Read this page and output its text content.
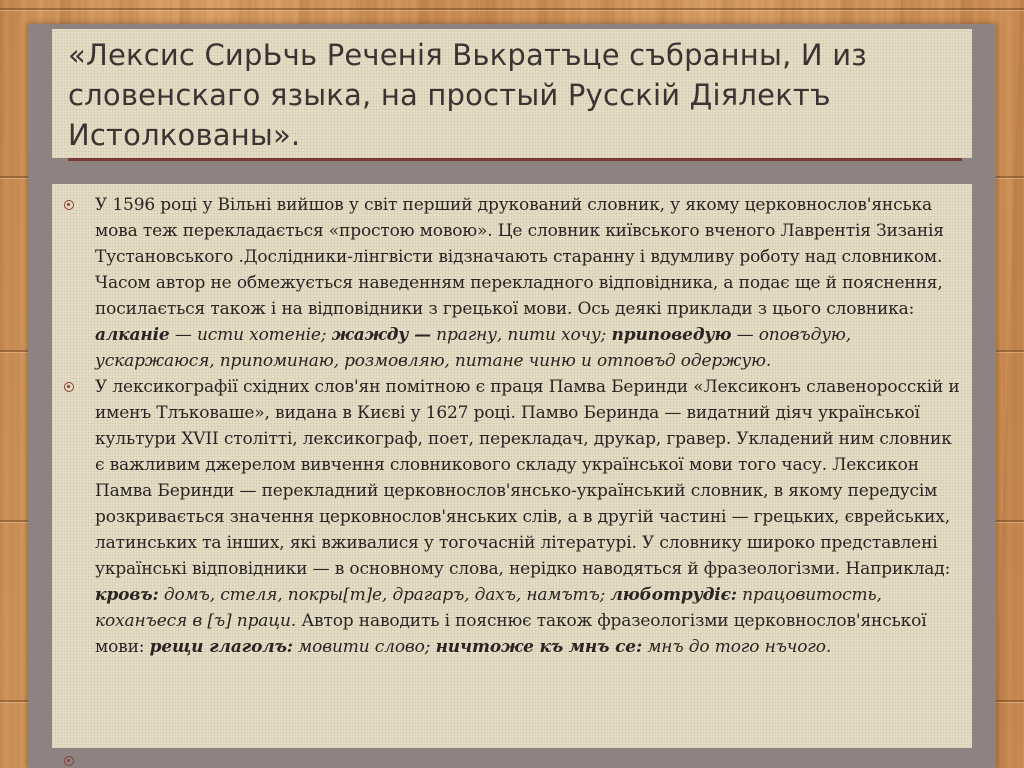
«Лексис СирЬчь Реченія Вькратъце събранны, И из словенскаго языка, на простый Русскій Діялектъ Истолкованы».
У 1596 році у Вільні вийшов у світ перший друкований словник, у якому церковнослов'янська мова теж перекладається «простою мовою». Це словник київського вченого Лаврентія Зизанія Тустановського .Дослідники-лінгвісти відзначають старанну і вдумливу роботу над словником. Часом автор не обмежується наведенням перекладного відповідника, а подає ще й пояснення, посилається також і на відповідники з грецької мови. Ось деякі приклади з цього словника: алканіе — исти хотеніе; жажду — прагну, пити хочу; приповедую — оповъдую, ускаржаюся, припоминаю, розмовляю, питане чиню и отповъд одержую.
У лексикографії східних слов'ян помітною є праця Памва Беринди «Лексиконъ славеноросскій и именъ Тлъковаше», видана в Києві у 1627 році. Памво Беринда — видатний діяч української культури XVII столітті, лексикограф, поет, перекладач, друкар, гравер. Укладений ним словник є важливим джерелом вивчення словникового складу української мови того часу. Лексикон Памва Беринди — перекладний церковнослов'янсько-український словник, в якому передусім розкривається значення церковнослов'янських слів, а в другій частині — грецьких, єврейських, латинських та інших, які вживалися у тогочасній літературі. У словнику широко представлені українські відповідники — в основному слова, нерідко наводяться й фразеологізми. Наприклад: кровъ: домъ, стеля, покры[т]е, драгаръ, дахъ, намътъ; люботрудіє: працовитость, коханъеся в [ъ] праци. Автор наводить і пояснює також фразеологізми церковнослов'янської мови: рещи глаголъ: мовити слово; ничтоже къ мнъ се: мнъ до того нъчого.
